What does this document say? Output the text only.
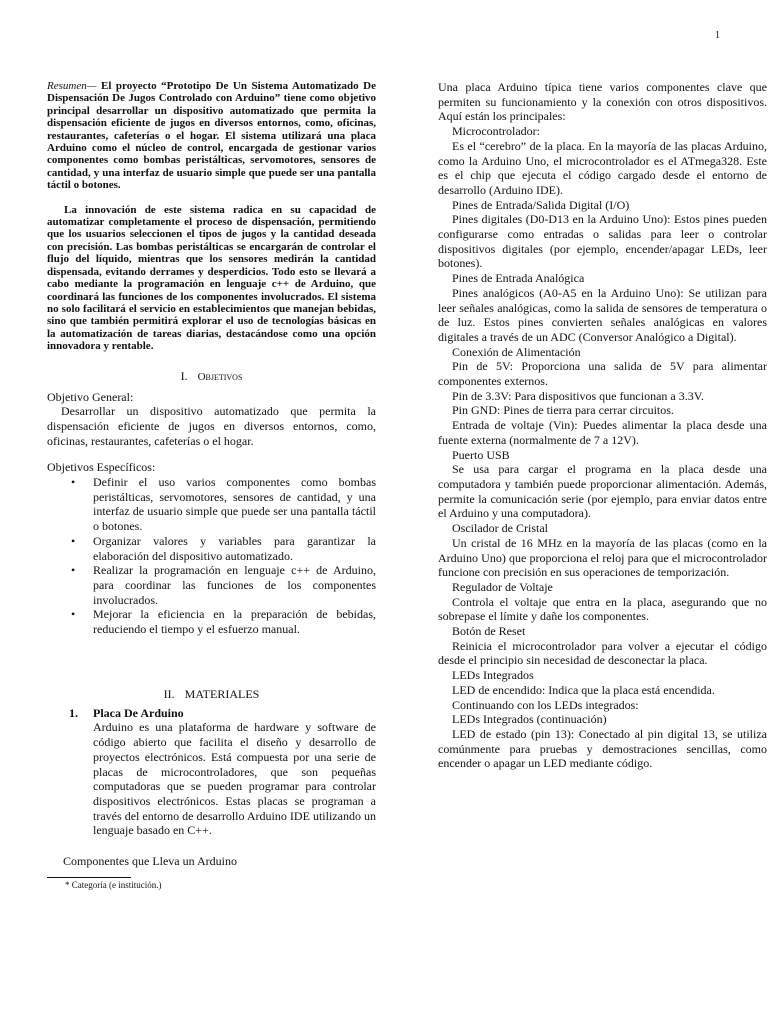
1

Resumen— El proyecto “Prototipo De Un Sistema Automatizado De Dispensación De Jugos Controlado con Arduino” tiene como objetivo principal desarrollar un dispositivo automatizado que permita la dispensación eficiente de jugos en diversos entornos, como, oficinas, restaurantes, cafeterías o el hogar. El sistema utilizará una placa Arduino como el núcleo de control, encargada de gestionar varios componentes como bombas peristálticas, servomotores, sensores de cantidad, y una interfaz de usuario simple que puede ser una pantalla táctil o botones.

La innovación de este sistema radica en su capacidad de automatizar completamente el proceso de dispensación, permitiendo que los usuarios seleccionen el tipos de jugos y la cantidad deseada con precisión. Las bombas peristálticas se encargarán de controlar el flujo del líquido, mientras que los sensores medirán la cantidad dispensada, evitando derrames y desperdicios. Todo esto se llevará a cabo mediante la programación en lenguaje c++ de Arduino, que coordinará las funciones de los componentes involucrados. El sistema no solo facilitará el servicio en establecimientos que manejan bebidas, sino que también permitirá explorar el uso de tecnologías básicas en la automatización de tareas diarias, destacándose como una opción innovadora y rentable.

I. Objetivos

Objetivo General:

Desarrollar un dispositivo automatizado que permita la dispensación eficiente de jugos en diversos entornos, como, oficinas, restaurantes, cafeterías o el hogar.

Objetivos Específicos:

• Definir el uso varios componentes como bombas peristálticas, servomotores, sensores de cantidad, y una interfaz de usuario simple que puede ser una pantalla táctil o botones.
• Organizar valores y variables para garantizar la elaboración del dispositivo automatizado.
• Realizar la programación en lenguaje c++ de Arduino, para coordinar las funciones de los componentes involucrados.
• Mejorar la eficiencia en la preparación de bebidas, reduciendo el tiempo y el esfuerzo manual.
II. MATERIALES
1. Placa De Arduino
Arduino es una plataforma de hardware y software de código abierto que facilita el diseño y desarrollo de proyectos electrónicos. Está compuesta por una serie de placas de microcontroladores, que son pequeñas computadoras que se pueden programar para controlar dispositivos electrónicos. Estas placas se programan a través del entorno de desarrollo Arduino IDE utilizando un lenguaje basado en C++.
Componentes que Lleva un Arduino
* Categoría (e institución.)

Una placa Arduino típica tiene varios componentes clave que permiten su funcionamiento y la conexión con otros dispositivos. Aquí están los principales:

Microcontrolador:

Es el “cerebro” de la placa. En la mayoría de las placas Arduino, como la Arduino Uno, el microcontrolador es el ATmega328. Este es el chip que ejecuta el código cargado desde el entorno de desarrollo (Arduino IDE).

Pines de Entrada/Salida Digital (I/O)

Pines digitales (D0-D13 en la Arduino Uno): Estos pines pueden configurarse como entradas o salidas para leer o controlar dispositivos digitales (por ejemplo, encender/apagar LEDs, leer botones).

Pines de Entrada Analógica

Pines analógicos (A0-A5 en la Arduino Uno): Se utilizan para leer señales analógicas, como la salida de sensores de temperatura o de luz. Estos pines convierten señales analógicas en valores digitales a través de un ADC (Conversor Analógico a Digital).

Conexión de Alimentación

Pin de 5V: Proporciona una salida de 5V para alimentar componentes externos.

Pin de 3.3V: Para dispositivos que funcionan a 3.3V.

Pin GND: Pines de tierra para cerrar circuitos.

Entrada de voltaje (Vin): Puedes alimentar la placa desde una fuente externa (normalmente de 7 a 12V).

Puerto USB

Se usa para cargar el programa en la placa desde una computadora y también puede proporcionar alimentación. Además, permite la comunicación serie (por ejemplo, para enviar datos entre el Arduino y una computadora).

Oscilador de Cristal

Un cristal de 16 MHz en la mayoría de las placas (como en la Arduino Uno) que proporciona el reloj para que el microcontrolador funcione con precisión en sus operaciones de temporización.

Regulador de Voltaje

Controla el voltaje que entra en la placa, asegurando que no sobrepase el límite y dañe los componentes.

Botón de Reset

Reinicia el microcontrolador para volver a ejecutar el código desde el principio sin necesidad de desconectar la placa.

LEDs Integrados

LED de encendido: Indica que la placa está encendida.

Continuando con los LEDs integrados:

LEDs Integrados (continuación)

LED de estado (pin 13): Conectado al pin digital 13, se utiliza comúnmente para pruebas y demostraciones sencillas, como encender o apagar un LED mediante código.
